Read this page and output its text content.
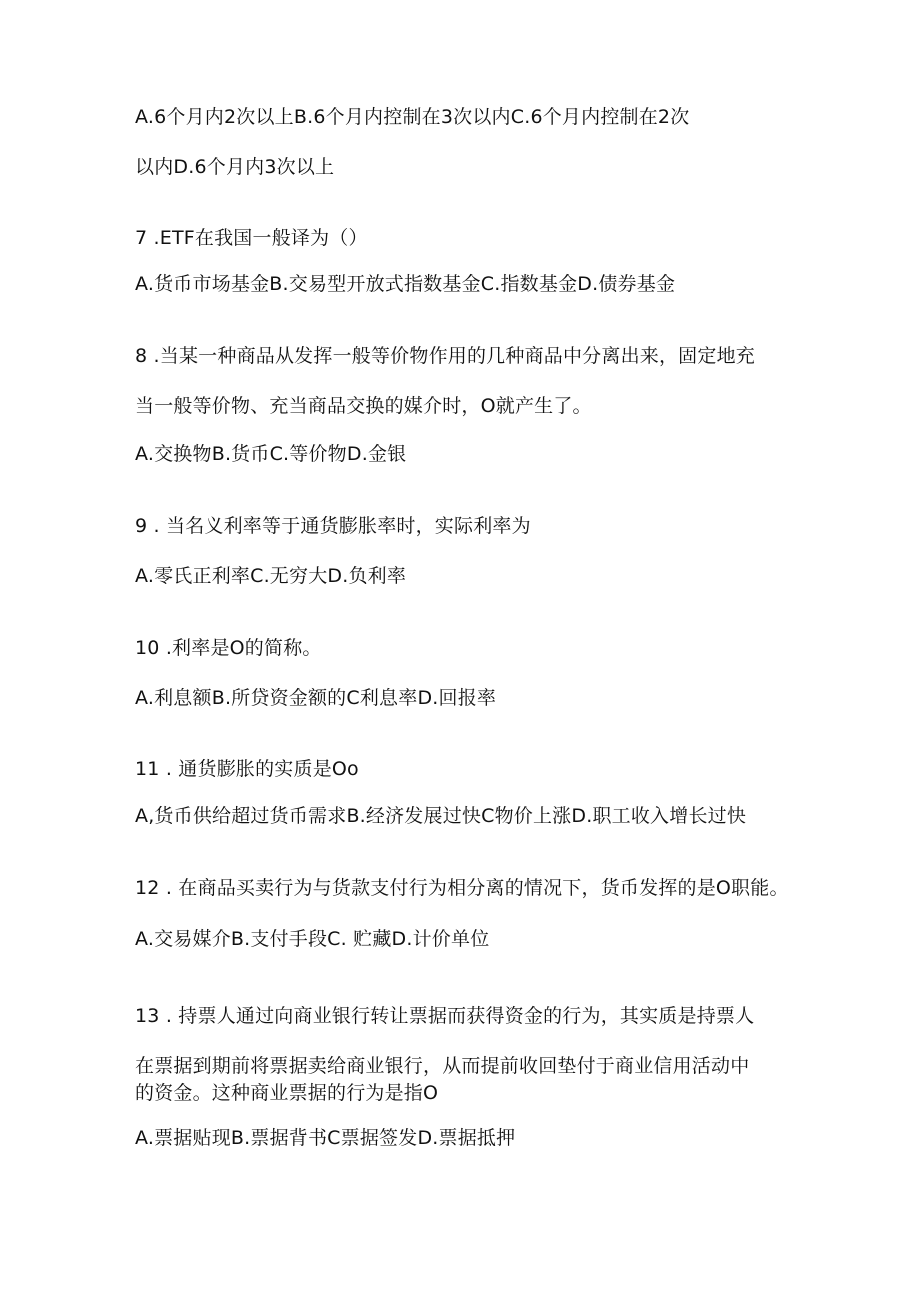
A.6个月内2次以上B.6个月内控制在3次以内C.6个月内控制在2次
以内D.6个月内3次以上
7 .ETF在我国一般译为（）
A.货币市场基金B.交易型开放式指数基金C.指数基金D.债券基金
8 .当某一种商品从发挥一般等价物作用的几种商品中分离出来，固定地充
当一般等价物、充当商品交换的媒介时，O就产生了。
A.交换物B.货币C.等价物D.金银
9 . 当名义利率等于通货膨胀率时，实际利率为
A.零氏正利率C.无穷大D.负利率
10 .利率是O的简称。
A.利息额B.所贷资金额的C利息率D.回报率
11 . 通货膨胀的实质是Oo
A,货币供给超过货币需求B.经济发展过快C物价上涨D.职工收入增长过快
12 . 在商品买卖行为与货款支付行为相分离的情况下，货币发挥的是O职能。
A.交易媒介B.支付手段C. 贮藏D.计价单位
13 . 持票人通过向商业银行转让票据而获得资金的行为，其实质是持票人
在票据到期前将票据卖给商业银行，从而提前收回垫付于商业信用活动中
的资金。这种商业票据的行为是指O
A.票据贴现B.票据背书C票据签发D.票据抵押
